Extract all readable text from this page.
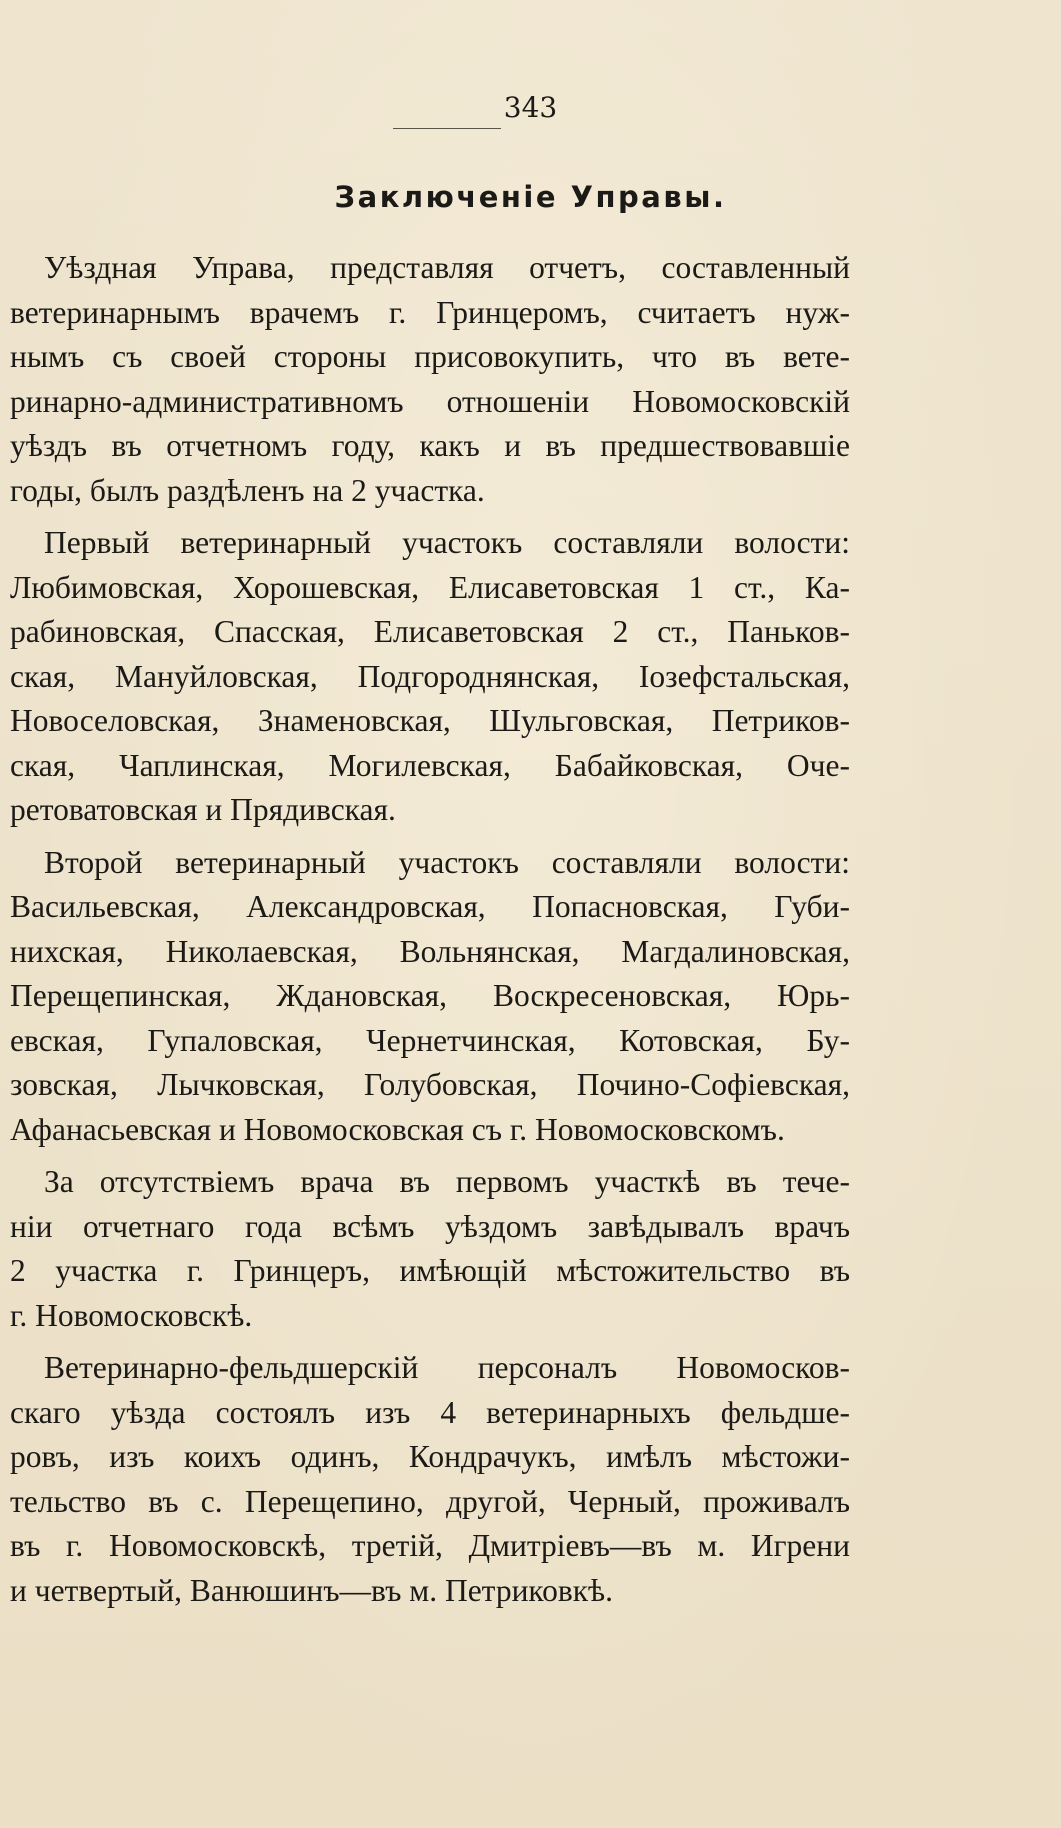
343
Заключеніе Управы.
Уѣздная Управа, представляя отчетъ, составленный
ветеринарнымъ врачемъ г. Гринцеромъ, считаетъ нуж-
нымъ съ своей стороны присовокупить, что въ вете-
ринарно-административномъ отношеніи Новомосковскій
уѣздъ въ отчетномъ году, какъ и въ предшествовавшіе
годы, былъ раздѣленъ на 2 участка.
Первый ветеринарный участокъ составляли волости:
Любимовская, Хорошевская, Елисаветовская 1 ст., Ка-
рабиновская, Спасская, Елисаветовская 2 ст., Паньков-
ская, Мануйловская, Подгороднянская, Іозефстальская,
Новоселовская, Знаменовская, Шульговская, Петриков-
ская, Чаплинская, Могилевская, Бабайковская, Оче-
ретоватовская и Прядивская.
Второй ветеринарный участокъ составляли волости:
Васильевская, Александровская, Попасновская, Губи-
нихская, Николаевская, Вольнянская, Магдалиновская,
Перещепинская, Ждановская, Воскресеновская, Юрь-
евская, Гупаловская, Чернетчинская, Котовская, Бу-
зовская, Лычковская, Голубовская, Почино-Софіевская,
Афанасьевская и Новомосковская съ г. Новомосковскомъ.
За отсутствіемъ врача въ первомъ участкѣ въ тече-
ніи отчетнаго года всѣмъ уѣздомъ завѣдывалъ врачъ
2 участка г. Гринцеръ, имѣющій мѣстожительство въ
г. Новомосковскѣ.
Ветеринарно-фельдшерскій персоналъ Новомосков-
скаго уѣзда состоялъ изъ 4 ветеринарныхъ фельдше-
ровъ, изъ коихъ одинъ, Кондрачукъ, имѣлъ мѣстожи-
тельство въ с. Перещепино, другой, Черный, проживалъ
въ г. Новомосковскѣ, третій, Дмитріевъ—въ м. Игрени
и четвертый, Ванюшинъ—въ м. Петриковкѣ.
